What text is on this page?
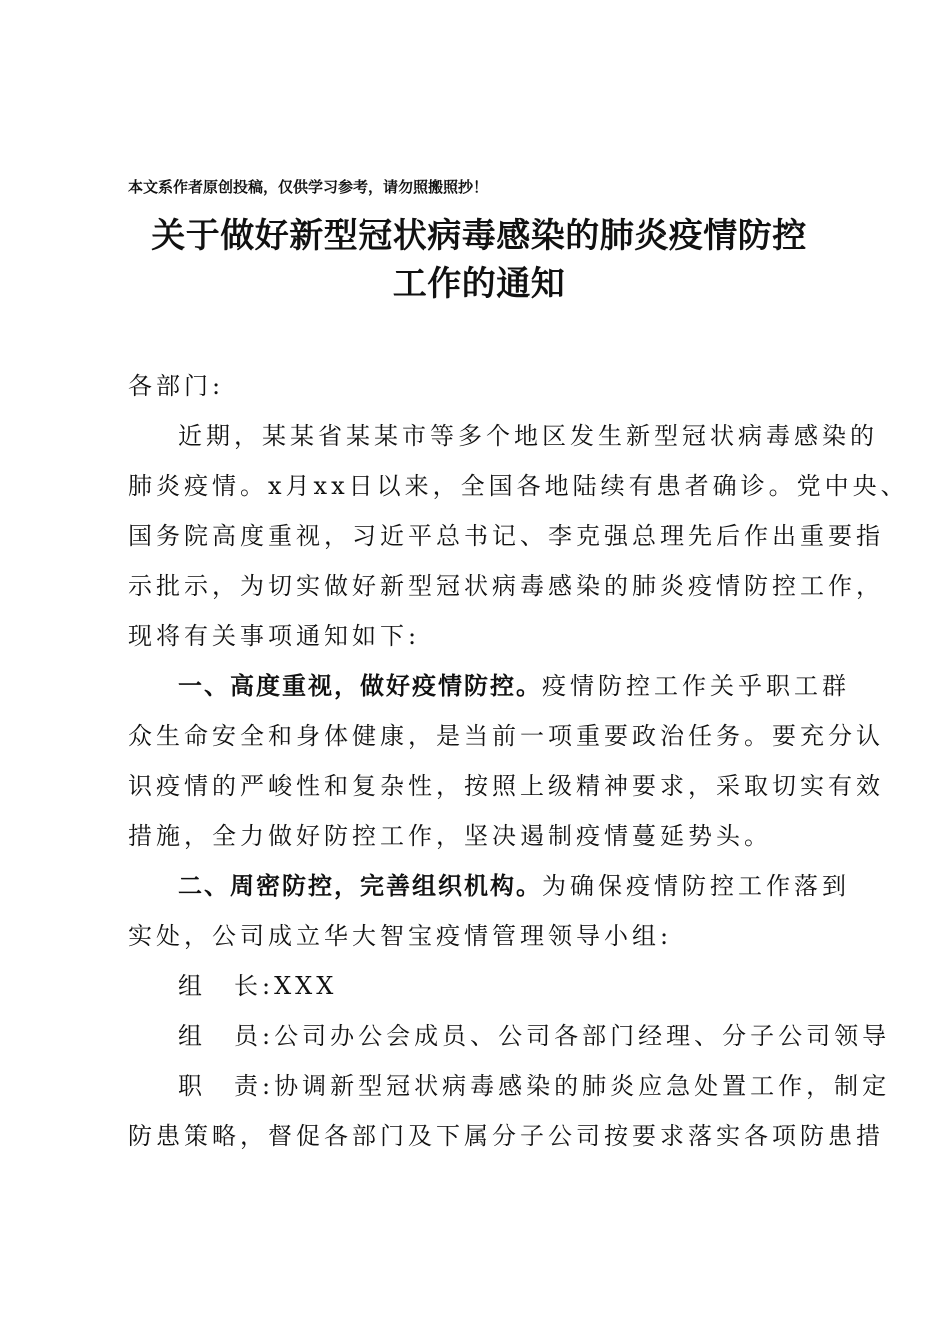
本文系作者原创投稿，仅供学习参考，请勿照搬照抄！
关于做好新型冠状病毒感染的肺炎疫情防控
工作的通知
各部门:
近期，某某省某某市等多个地区发生新型冠状病毒感染的
肺炎疫情。x月xx日以来，全国各地陆续有患者确诊。党中央、
国务院高度重视，习近平总书记、李克强总理先后作出重要指
示批示，为切实做好新型冠状病毒感染的肺炎疫情防控工作，
现将有关事项通知如下:
一、高度重视，做好疫情防控。疫情防控工作关乎职工群
众生命安全和身体健康，是当前一项重要政治任务。要充分认
识疫情的严峻性和复杂性，按照上级精神要求，采取切实有效
措施，全力做好防控工作，坚决遏制疫情蔓延势头。
二、周密防控，完善组织机构。为确保疫情防控工作落到
实处，公司成立华大智宝疫情管理领导小组:
组 长:XXX
组 员:公司办公会成员、公司各部门经理、分子公司领导
职 责:协调新型冠状病毒感染的肺炎应急处置工作，制定
防患策略，督促各部门及下属分子公司按要求落实各项防患措
